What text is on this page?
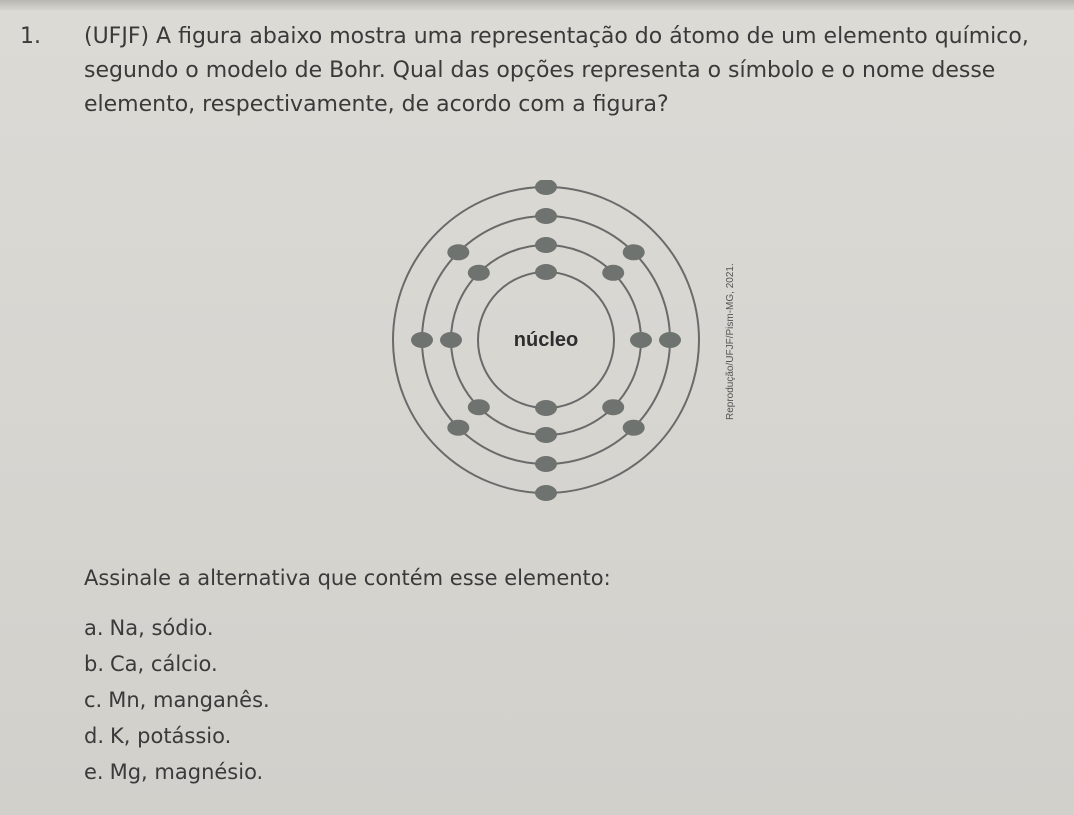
1. (UFJF) A figura abaixo mostra uma representação do átomo de um elemento químico, segundo o modelo de Bohr. Qual das opções representa o símbolo e o nome desse elemento, respectivamente, de acordo com a figura?
núcleo	Reprodução/UFJF/Pism-MG, 2021.
Assinale a alternativa que contém esse elemento:
a. Na, sódio.
b. Ca, cálcio.
c. Mn, manganês.
d. K, potássio.
e. Mg, magnésio.
